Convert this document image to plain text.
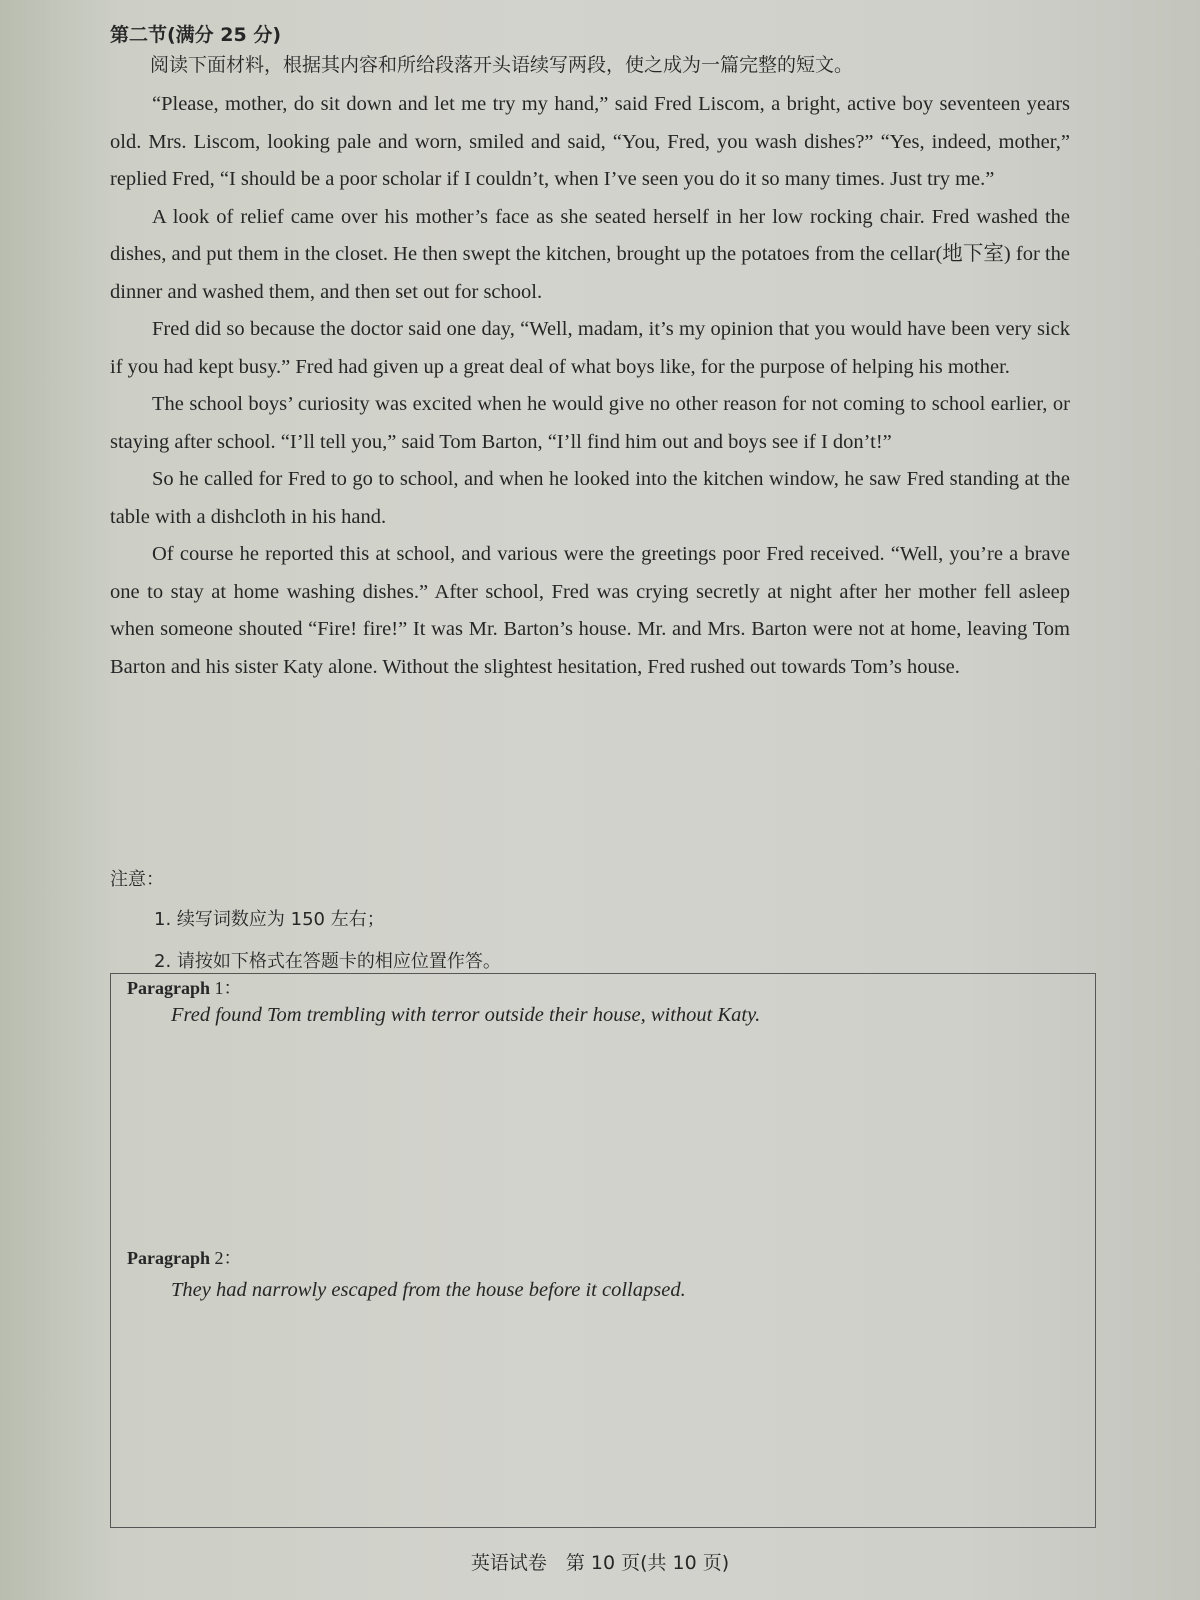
第二节(满分 25 分)
阅读下面材料，根据其内容和所给段落开头语续写两段，使之成为一篇完整的短文。

“Please, mother, do sit down and let me try my hand,” said Fred Liscom, a bright, active boy seventeen years old. Mrs. Liscom, looking pale and worn, smiled and said, “You, Fred, you wash dishes?” “Yes, indeed, mother,” replied Fred, “I should be a poor scholar if I couldn’t, when I’ve seen you do it so many times. Just try me.”

A look of relief came over his mother’s face as she seated herself in her low rocking chair. Fred washed the dishes, and put them in the closet. He then swept the kitchen, brought up the potatoes from the cellar(地下室) for the dinner and washed them, and then set out for school.

Fred did so because the doctor said one day, “Well, madam, it’s my opinion that you would have been very sick if you had kept busy.” Fred had given up a great deal of what boys like, for the purpose of helping his mother.

The school boys’ curiosity was excited when he would give no other reason for not coming to school earlier, or staying after school. “I’ll tell you,” said Tom Barton, “I’ll find him out and boys see if I don’t!”

So he called for Fred to go to school, and when he looked into the kitchen window, he saw Fred standing at the table with a dishcloth in his hand.

Of course he reported this at school, and various were the greetings poor Fred received. “Well, you’re a brave one to stay at home washing dishes.” After school, Fred was crying secretly at night after her mother fell asleep when someone shouted “Fire! fire!” It was Mr. Barton’s house. Mr. and Mrs. Barton were not at home, leaving Tom Barton and his sister Katy alone. Without the slightest hesitation, Fred rushed out towards Tom’s house.

注意：
1. 续写词数应为 150 左右；
2. 请按如下格式在答题卡的相应位置作答。
Paragraph 1：
Fred found Tom trembling with terror outside their house, without Katy.
Paragraph 2：
They had narrowly escaped from the house before it collapsed.
英语试卷　第 10 页(共 10 页)
